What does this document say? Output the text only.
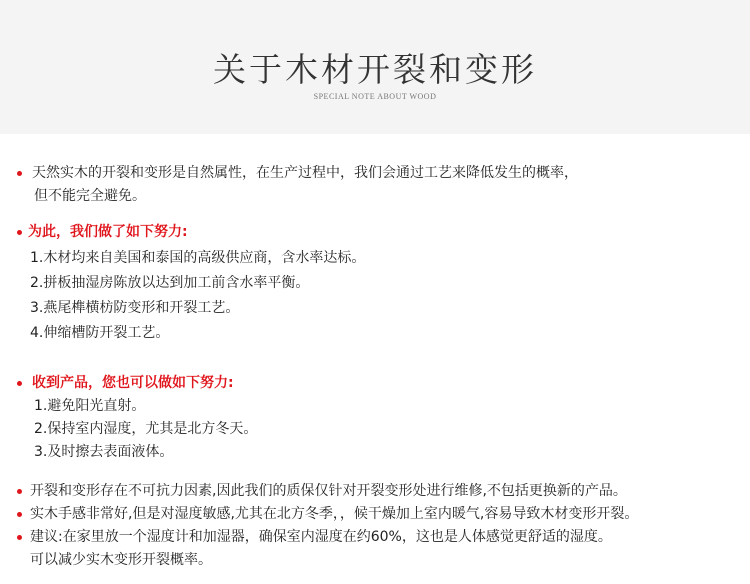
关于木材开裂和变形
SPECIAL NOTE ABOUT WOOD
天然实木的开裂和变形是自然属性，在生产过程中，我们会通过工艺来降低发生的概率，
但不能完全避免。
为此，我们做了如下努力:
1.木材均来自美国和泰国的高级供应商，含水率达标。
2.拼板抽湿房陈放以达到加工前含水率平衡。
3.燕尾榫横枋防变形和开裂工艺。
4.伸缩槽防开裂工艺。
收到产品，您也可以做如下努力:
1.避免阳光直射。
2.保持室内湿度，尤其是北方冬天。
3.及时擦去表面液体。
开裂和变形存在不可抗力因素,因此我们的质保仅针对开裂变形处进行维修,不包括更换新的产品。
实木手感非常好,但是对湿度敏感,尤其在北方冬季，，候干燥加上室内暖气,容易导致木材变形开裂。
建议:在家里放一个湿度计和加湿器，确保室内湿度在约60%，这也是人体感觉更舒适的湿度。
可以减少实木变形开裂概率。
